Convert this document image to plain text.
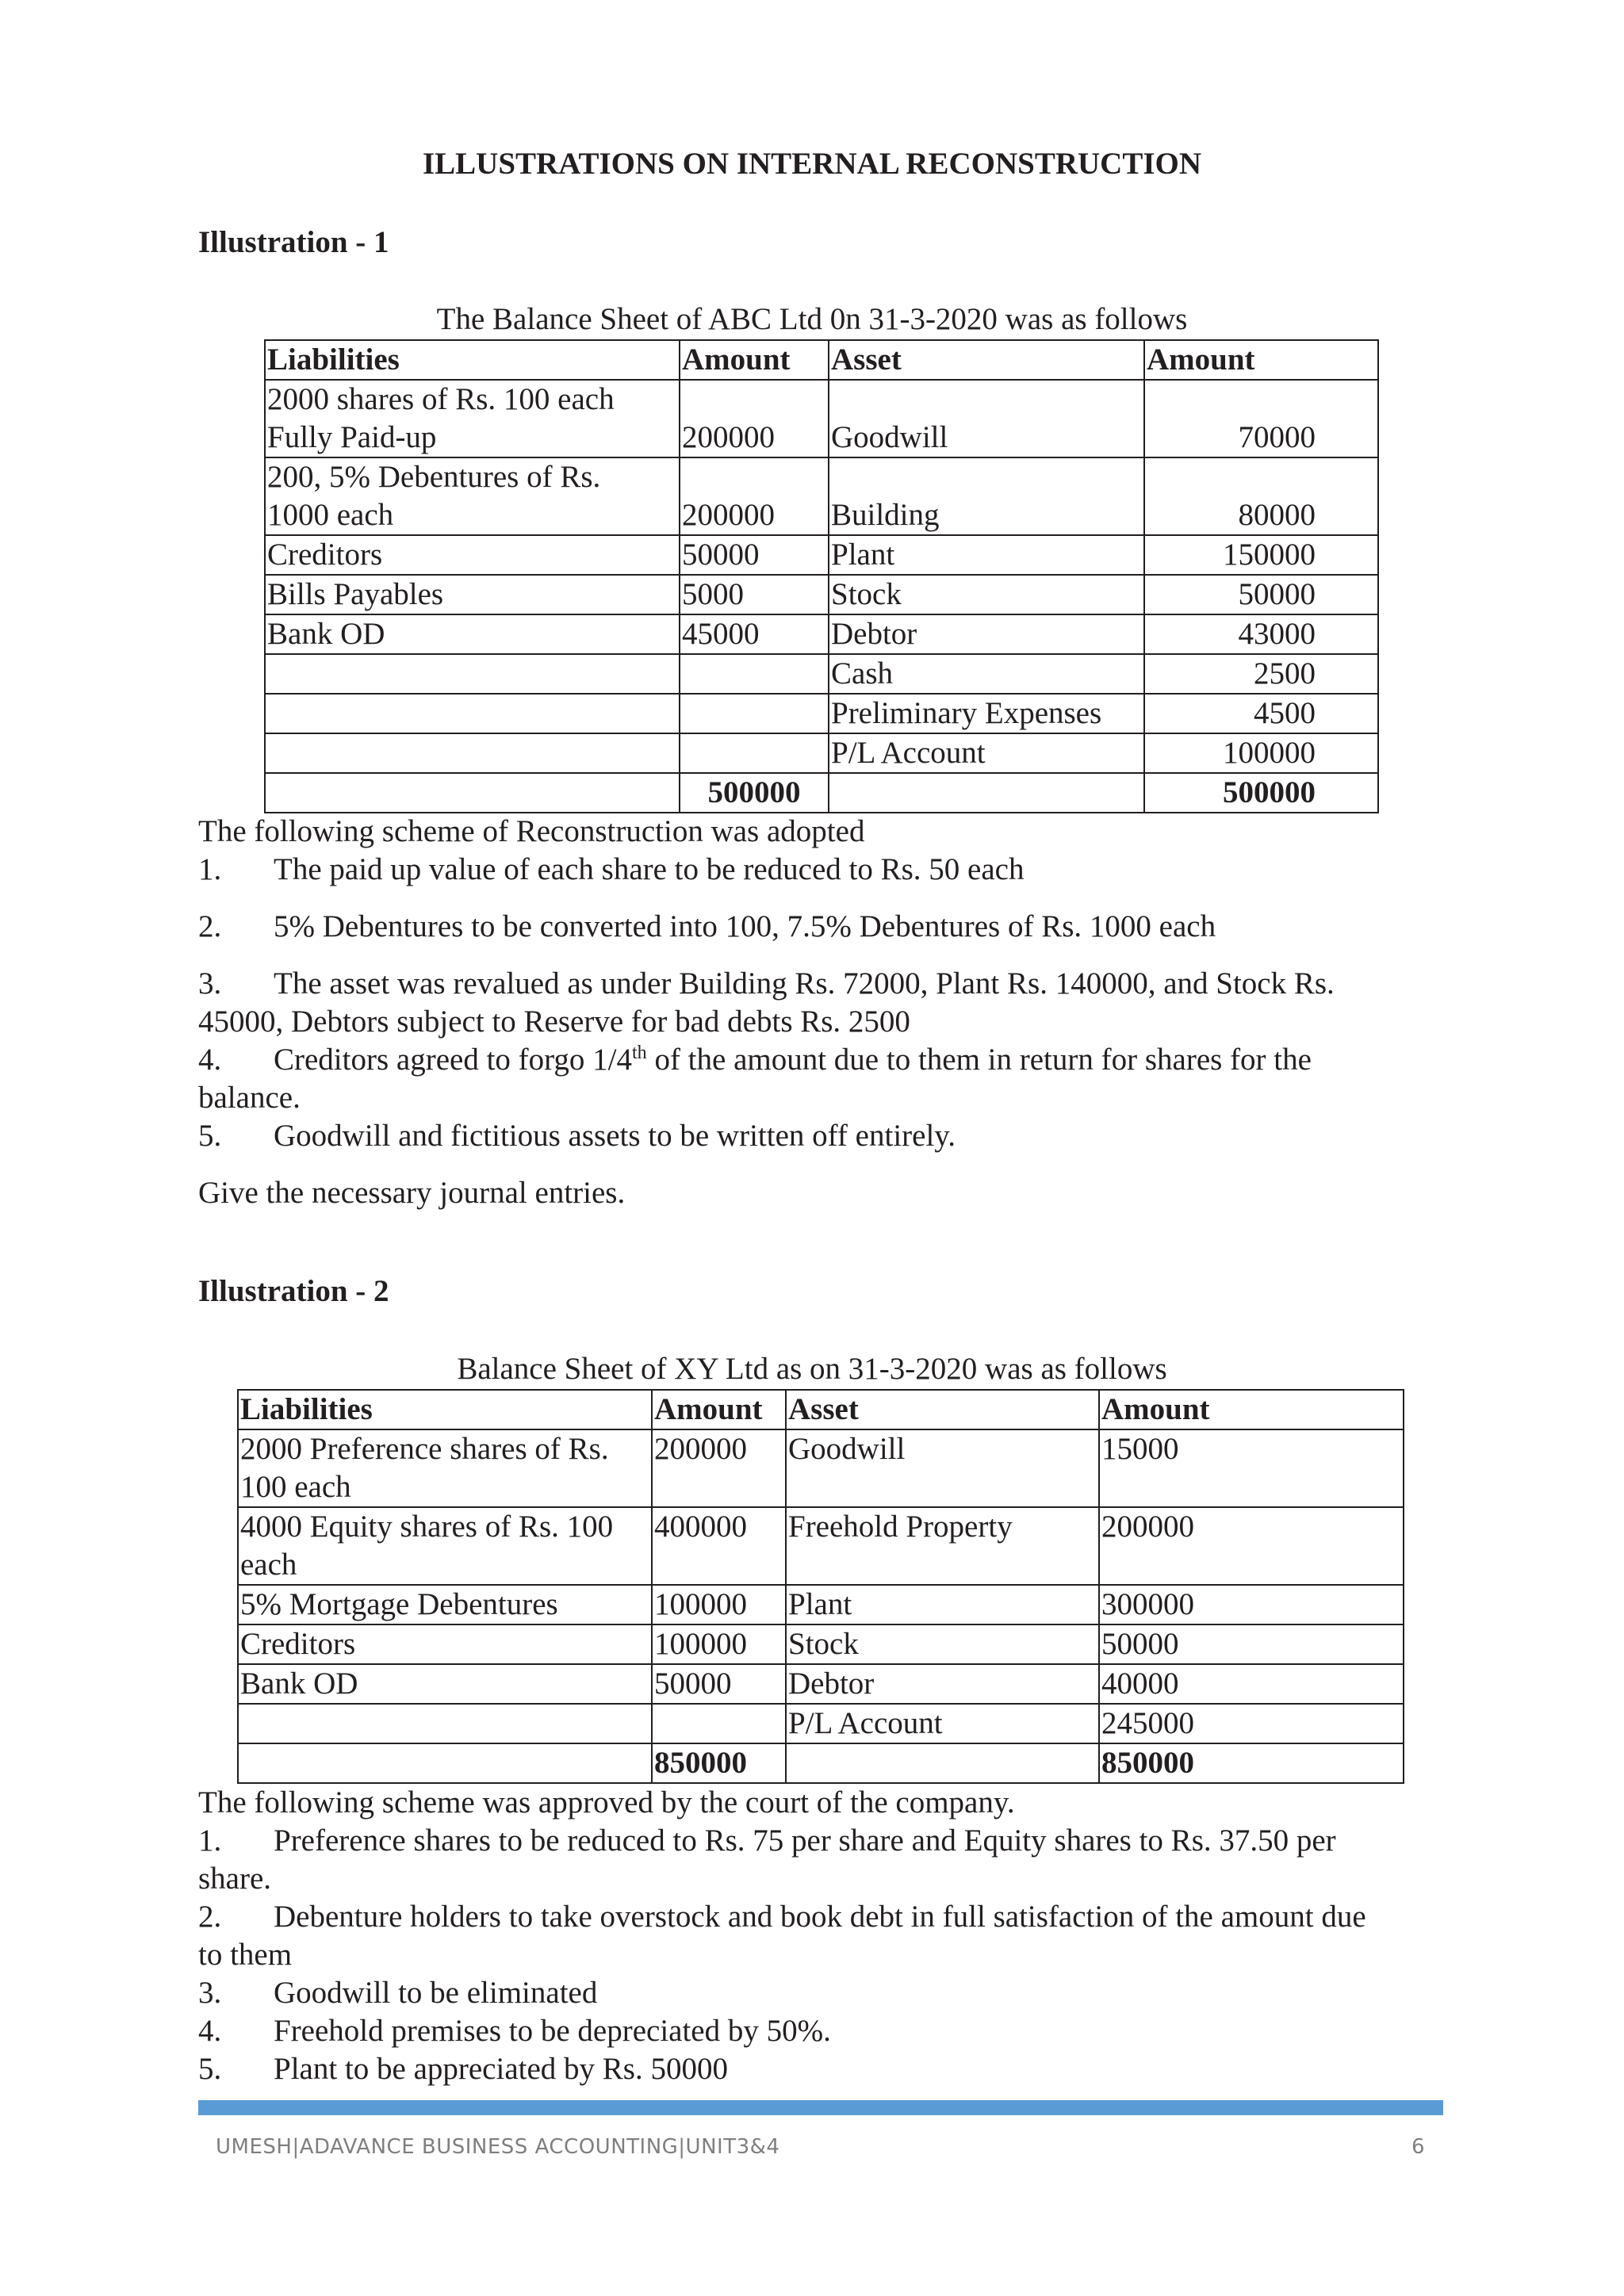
ILLUSTRATIONS ON INTERNAL RECONSTRUCTION
Illustration - 1
The Balance Sheet of ABC Ltd 0n 31-3-2020 was as follows
Liabilities	Amount	Asset	Amount
2000 shares of Rs. 100 each
Fully Paid-up	200000	Goodwill	70000
200, 5% Debentures of Rs.
1000 each	200000	Building	80000
Creditors	50000	Plant	150000
Bills Payables	5000	Stock	50000
Bank OD	45000	Debtor	43000
		Cash	2500
		Preliminary Expenses	4500
		P/L Account	100000
	500000		500000
The following scheme of Reconstruction was adopted
1. The paid up value of each share to be reduced to Rs. 50 each
2. 5% Debentures to be converted into 100, 7.5% Debentures of Rs. 1000 each
3. The asset was revalued as under Building Rs. 72000, Plant Rs. 140000, and Stock Rs.
45000, Debtors subject to Reserve for bad debts Rs. 2500
4. Creditors agreed to forgo 1/4th of the amount due to them in return for shares for the
balance.
5. Goodwill and fictitious assets to be written off entirely.
Give the necessary journal entries.
Illustration - 2
Balance Sheet of XY Ltd as on 31-3-2020 was as follows
Liabilities	Amount	Asset	Amount
2000 Preference shares of Rs.
100 each	200000	Goodwill	15000
4000 Equity shares of Rs. 100
each	400000	Freehold Property	200000
5% Mortgage Debentures	100000	Plant	300000
Creditors	100000	Stock	50000
Bank OD	50000	Debtor	40000
		P/L Account	245000
	850000		850000
The following scheme was approved by the court of the company.
1. Preference shares to be reduced to Rs. 75 per share and Equity shares to Rs. 37.50 per
share.
2. Debenture holders to take overstock and book debt in full satisfaction of the amount due
to them
3. Goodwill to be eliminated
4. Freehold premises to be depreciated by 50%.
5. Plant to be appreciated by Rs. 50000
UMESH|ADAVANCE BUSINESS ACCOUNTING|UNIT3&4	6
